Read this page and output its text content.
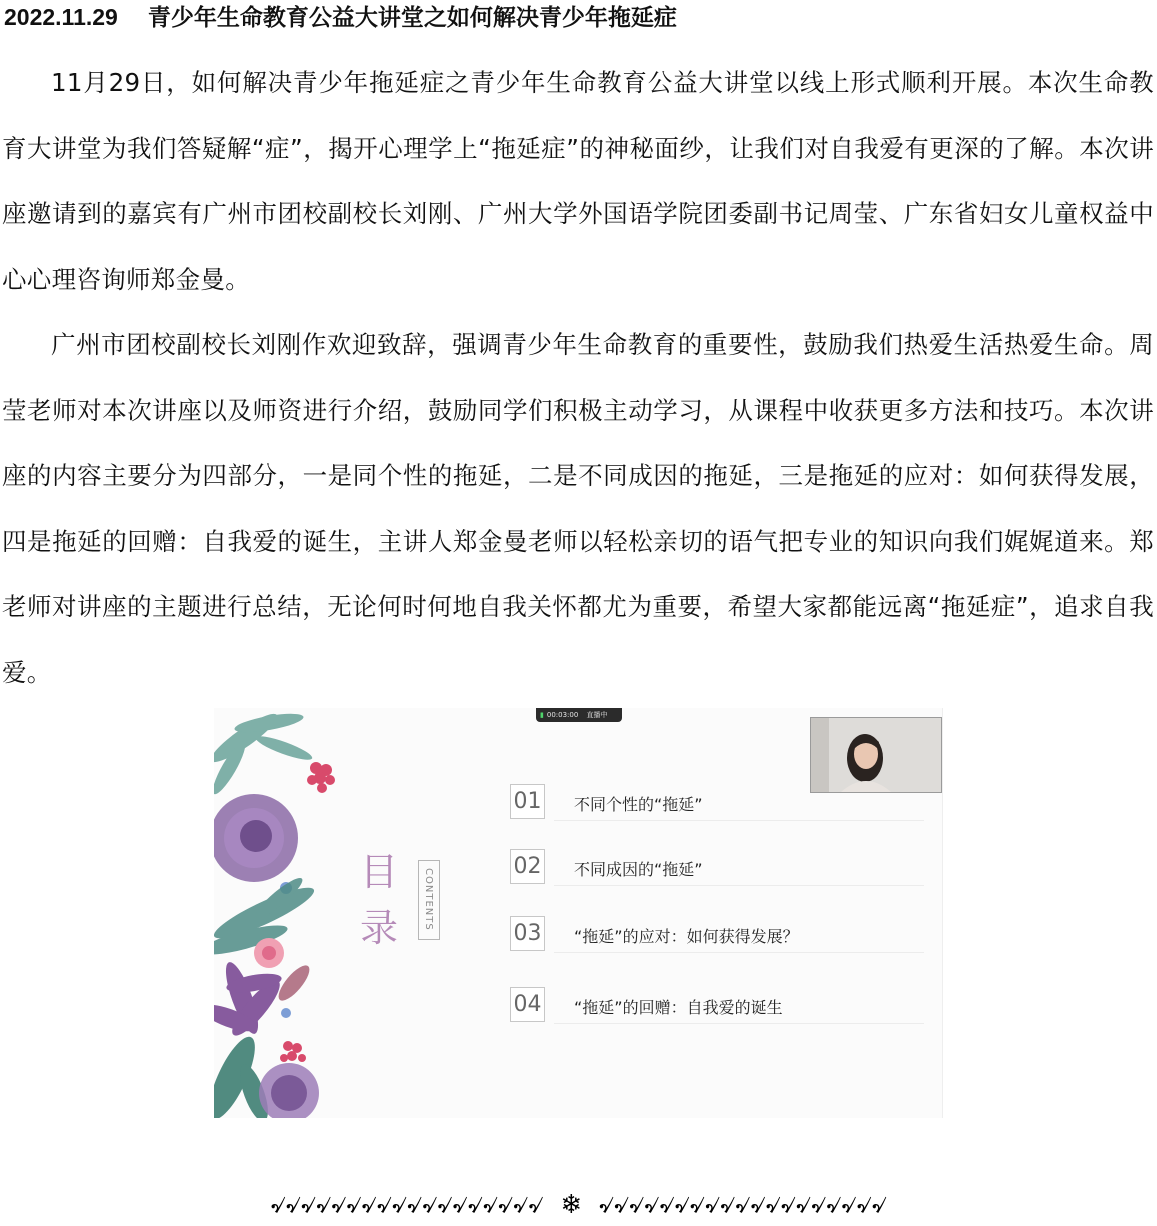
2022.11.29 青少年生命教育公益大讲堂之如何解决青少年拖延症

11月29日，如何解决青少年拖延症之青少年生命教育公益大讲堂以线上形式顺利开展。本次生命教育大讲堂为我们答疑解“症”，揭开心理学上“拖延症”的神秘面纱，让我们对自我爱有更深的了解。本次讲座邀请到的嘉宾有广州市团校副校长刘刚、广州大学外国语学院团委副书记周莹、广东省妇女儿童权益中心心理咨询师郑金曼。

广州市团校副校长刘刚作欢迎致辞，强调青少年生命教育的重要性，鼓励我们热爱生活热爱生命。周莹老师对本次讲座以及师资进行介绍，鼓励同学们积极主动学习，从课程中收获更多方法和技巧。本次讲座的内容主要分为四部分，一是同个性的拖延，二是不同成因的拖延，三是拖延的应对：如何获得发展，四是拖延的回赠：自我爱的诞生，主讲人郑金曼老师以轻松亲切的语气把专业的知识向我们娓娓道来。郑老师对讲座的主题进行总结，无论何时何地自我关怀都尤为重要，希望大家都能远离“拖延症”，追求自我爱。

▮ 00:03:00 直播中
目
录	CONTENTS
01 不同个性的“拖延”
02 不同成因的“拖延”
03 “拖延”的应对：如何获得发展？
04 “拖延”的回赠：自我爱的诞生
৵৵৵৵৵৵৵৵৵৵৵৵৵৵৵৵৵৵ ❄ ৵৵৵৵৵৵৵৵৵৵৵৵৵৵৵৵৵৵৵
